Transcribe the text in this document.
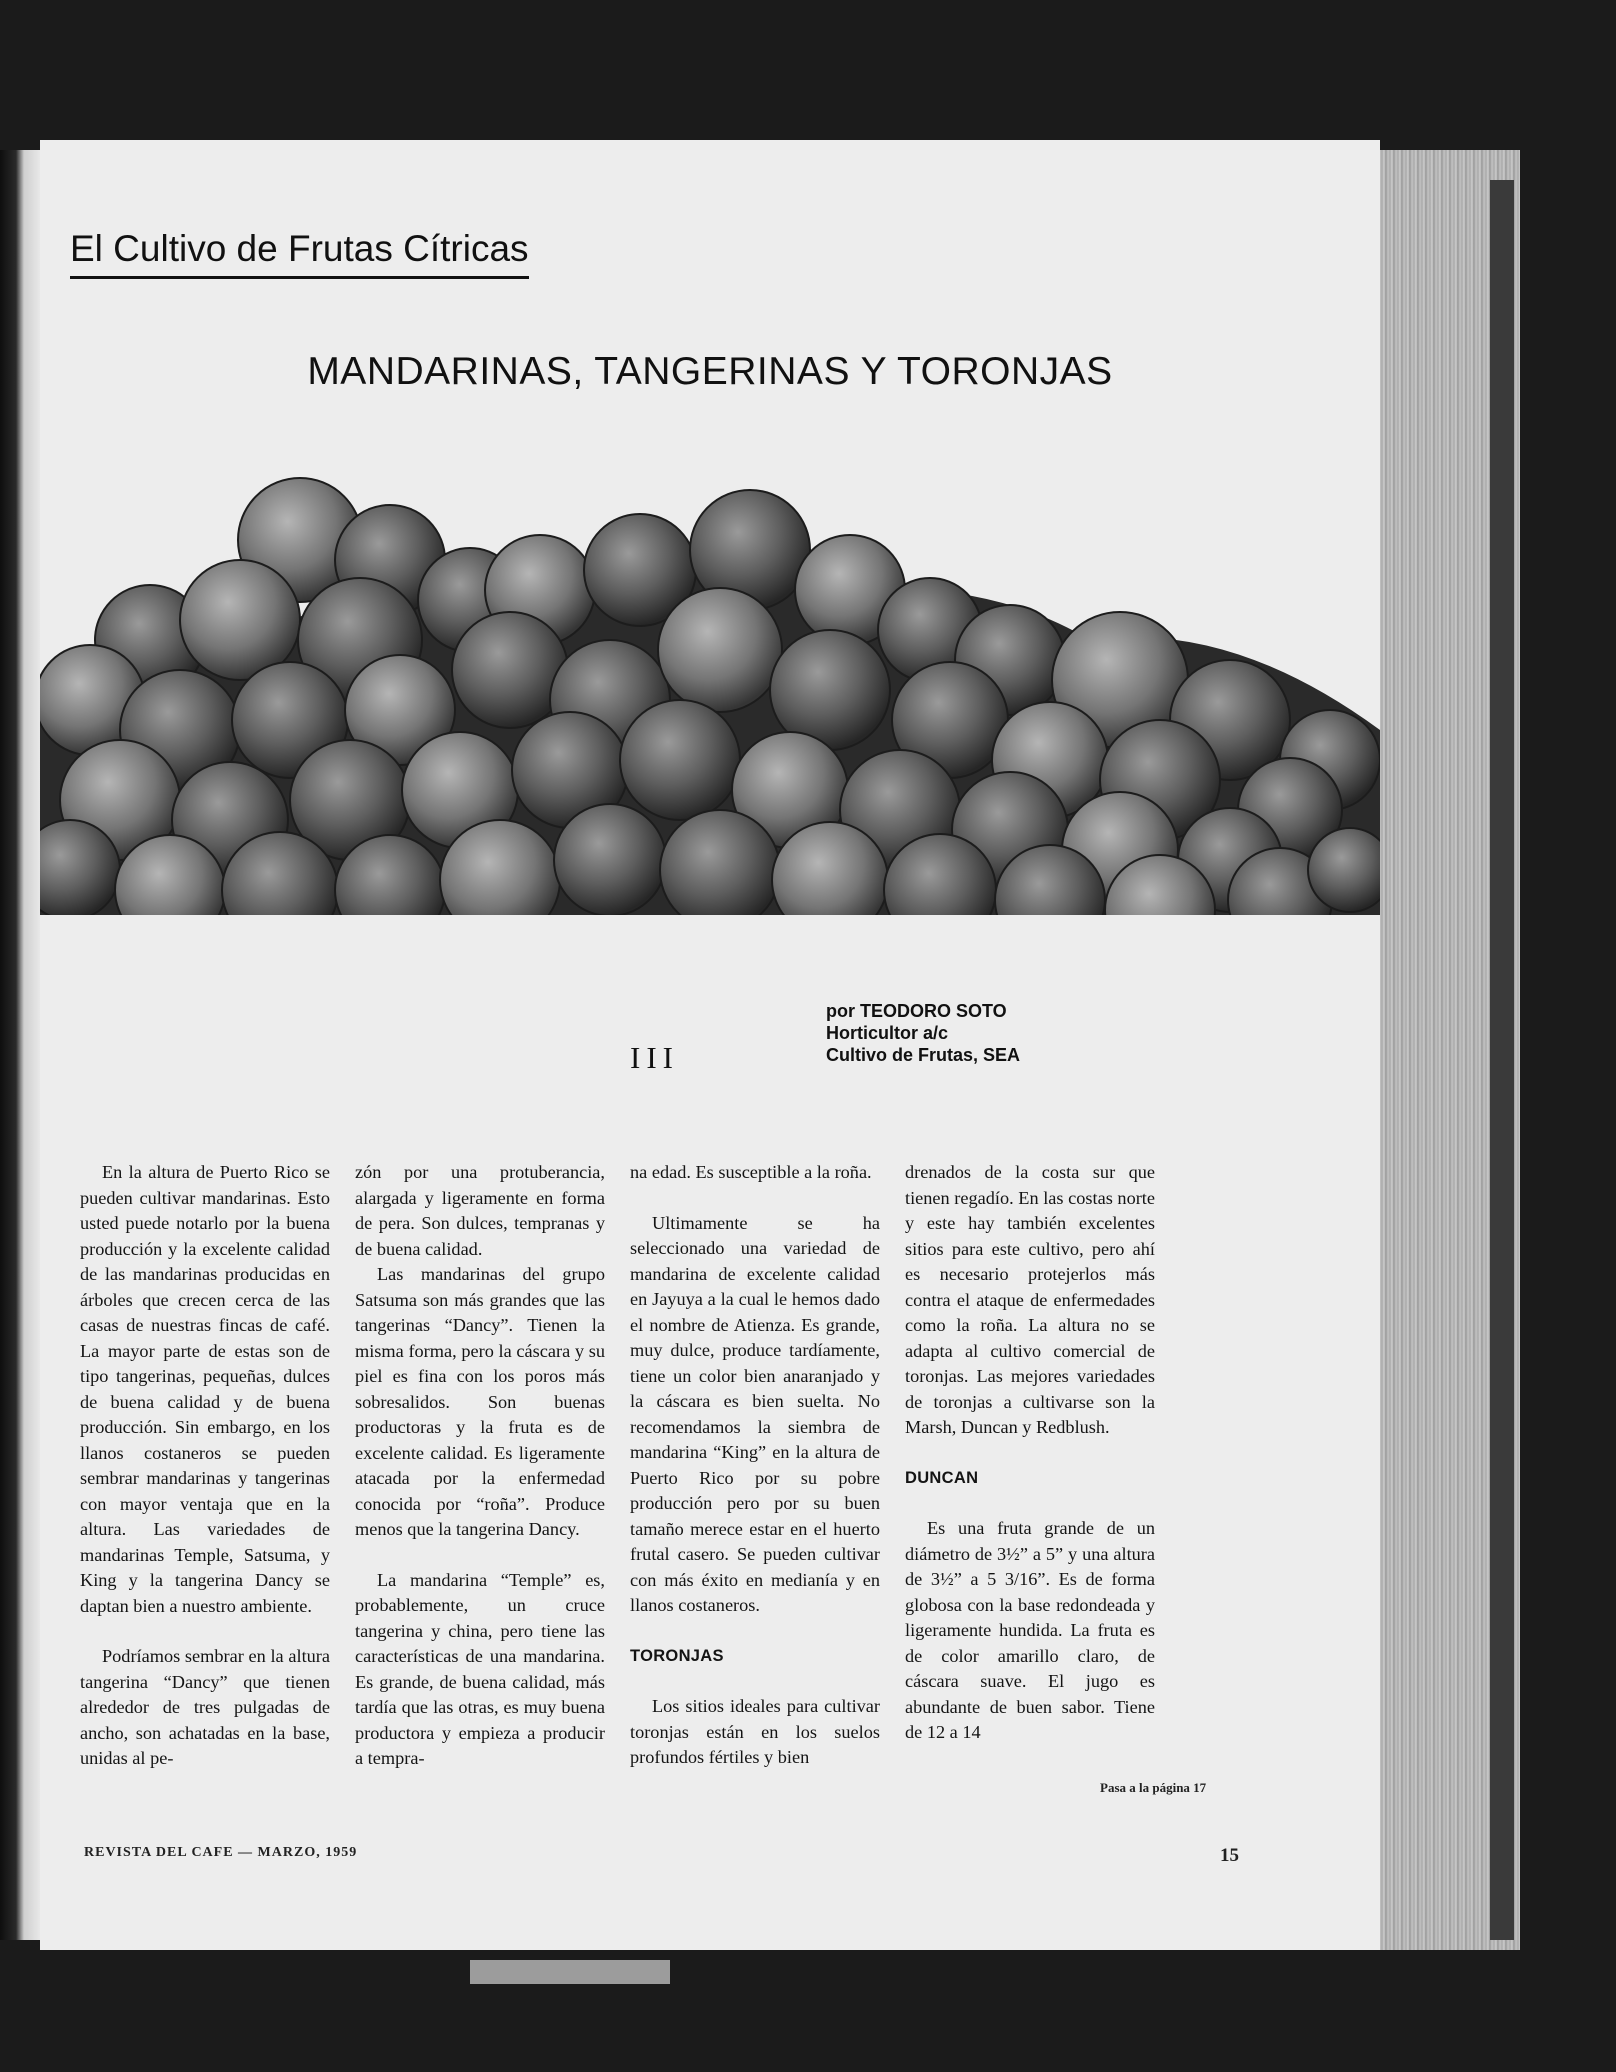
El Cultivo de Frutas Cítricas
MANDARINAS, TANGERINAS Y TORONJAS
III
por TEODORO SOTO
Horticultor a/c
Cultivo de Frutas, SEA

En la altura de Puerto Rico se pueden cultivar mandarinas. Esto usted puede notarlo por la buena producción y la excelente calidad de las mandarinas producidas en árboles que crecen cerca de las casas de nuestras fincas de café. La mayor parte de estas son de tipo tangerinas, pequeñas, dulces de buena calidad y de buena producción. Sin embargo, en los llanos costaneros se pueden sembrar mandarinas y tangerinas con mayor ventaja que en la altura. Las variedades de mandarinas Temple, Satsuma, y King y la tangerina Dancy se daptan bien a nuestro ambiente.

Podríamos sembrar en la altura tangerina “Dancy” que tienen alrededor de tres pulgadas de ancho, son achatadas en la base, unidas al pe-

zón por una protuberancia, alargada y ligeramente en forma de pera. Son dulces, tempranas y de buena calidad.

Las mandarinas del grupo Satsuma son más grandes que las tangerinas “Dancy”. Tienen la misma forma, pero la cáscara y su piel es fina con los poros más sobresalidos. Son buenas productoras y la fruta es de excelente calidad. Es ligeramente atacada por la enfermedad conocida por “roña”. Produce menos que la tangerina Dancy.

La mandarina “Temple” es, probablemente, un cruce tangerina y china, pero tiene las características de una mandarina. Es grande, de buena calidad, más tardía que las otras, es muy buena productora y empieza a producir a tempra-

na edad. Es susceptible a la roña.

Ultimamente se ha seleccionado una variedad de mandarina de excelente calidad en Jayuya a la cual le hemos dado el nombre de Atienza. Es grande, muy dulce, produce tardíamente, tiene un color bien anaranjado y la cáscara es bien suelta. No recomendamos la siembra de mandarina “King” en la altura de Puerto Rico por su pobre producción pero por su buen tamaño merece estar en el huerto frutal casero. Se pueden cultivar con más éxito en medianía y en llanos costaneros.

TORONJAS

Los sitios ideales para cultivar toronjas están en los suelos profundos fértiles y bien

drenados de la costa sur que tienen regadío. En las costas norte y este hay también excelentes sitios para este cultivo, pero ahí es necesario protejerlos más contra el ataque de enfermedades como la roña. La altura no se adapta al cultivo comercial de toronjas. Las mejores variedades de toronjas a cultivarse son la Marsh, Duncan y Redblush.

DUNCAN

Es una fruta grande de un diámetro de 3½” a 5” y una altura de 3½” a 5 3/16”. Es de forma globosa con la base redondeada y ligeramente hundida. La fruta es de color amarillo claro, de cáscara suave. El jugo es abundante de buen sabor. Tiene de 12 a 14

Pasa a la página 17
REVISTA DEL CAFE — MARZO, 1959	15
